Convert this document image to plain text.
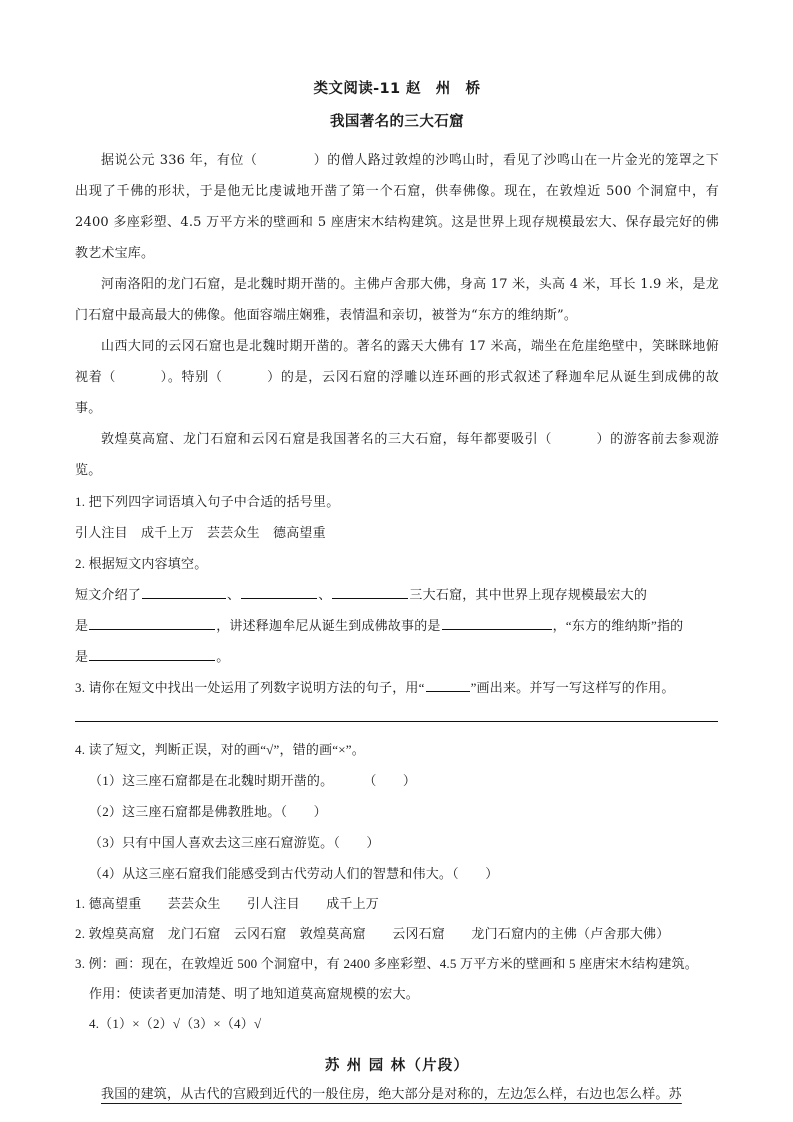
类文阅读-11 赵　州　桥
我国著名的三大石窟

据说公元 336 年，有位（	）的僧人路过敦煌的沙鸣山时，看见了沙鸣山在一片金光的笼罩之下出现了千佛的形状，于是他无比虔诚地开凿了第一个石窟，供奉佛像。现在，在敦煌近 500 个洞窟中，有 2400 多座彩塑、4.5 万平方米的壁画和 5 座唐宋木结构建筑。这是世界上现存规模最宏大、保存最完好的佛教艺术宝库。

河南洛阳的龙门石窟，是北魏时期开凿的。主佛卢舍那大佛，身高 17 米，头高 4 米，耳长 1.9 米，是龙门石窟中最高最大的佛像。他面容端庄娴雅，表情温和亲切，被誉为“东方的维纳斯”。

山西大同的云冈石窟也是北魏时期开凿的。著名的露天大佛有 17 米高，端坐在危崖绝壁中，笑眯眯地俯视着（	）。特别（	）的是，云冈石窟的浮雕以连环画的形式叙述了释迦牟尼从诞生到成佛的故事。

敦煌莫高窟、龙门石窟和云冈石窟是我国著名的三大石窟，每年都要吸引（	）的游客前去参观游览。

1. 把下列四字词语填入句子中合适的括号里。

引人注目　成千上万　芸芸众生　德高望重

2. 根据短文内容填空。

短文介绍了	、	、	三大石窟，其中世界上现存规模最宏大的

是	，讲述释迦牟尼从诞生到成佛故事的是	，“东方的维纳斯”指的

是	。

3. 请你在短文中找出一处运用了列数字说明方法的句子，用“	”画出来。并写一写这样写的作用。

4. 读了短文，判断正误，对的画“√”，错的画“×”。

（1）这三座石窟都是在北魏时期开凿的。 （　　）

（2）这三座石窟都是佛教胜地。（　　）

（3）只有中国人喜欢去这三座石窟游览。（　　）

（4）从这三座石窟我们能感受到古代劳动人们的智慧和伟大。（　　）

1. 德高望重　　芸芸众生　　引人注目　　成千上万

2. 敦煌莫高窟　龙门石窟　云冈石窟　敦煌莫高窟　　云冈石窟　　龙门石窟内的主佛（卢舍那大佛）

3. 例：画：现在，在敦煌近 500 个洞窟中，有 2400 多座彩塑、4.5 万平方米的壁画和 5 座唐宋木结构建筑。

作用：使读者更加清楚、明了地知道莫高窟规模的宏大。

4.（1）×（2）√（3）×（4）√

苏 州 园 林（片段）

我国的建筑，从古代的宫殿到近代的一般住房，绝大部分是对称的，左边怎么样，右边也怎么样。苏
